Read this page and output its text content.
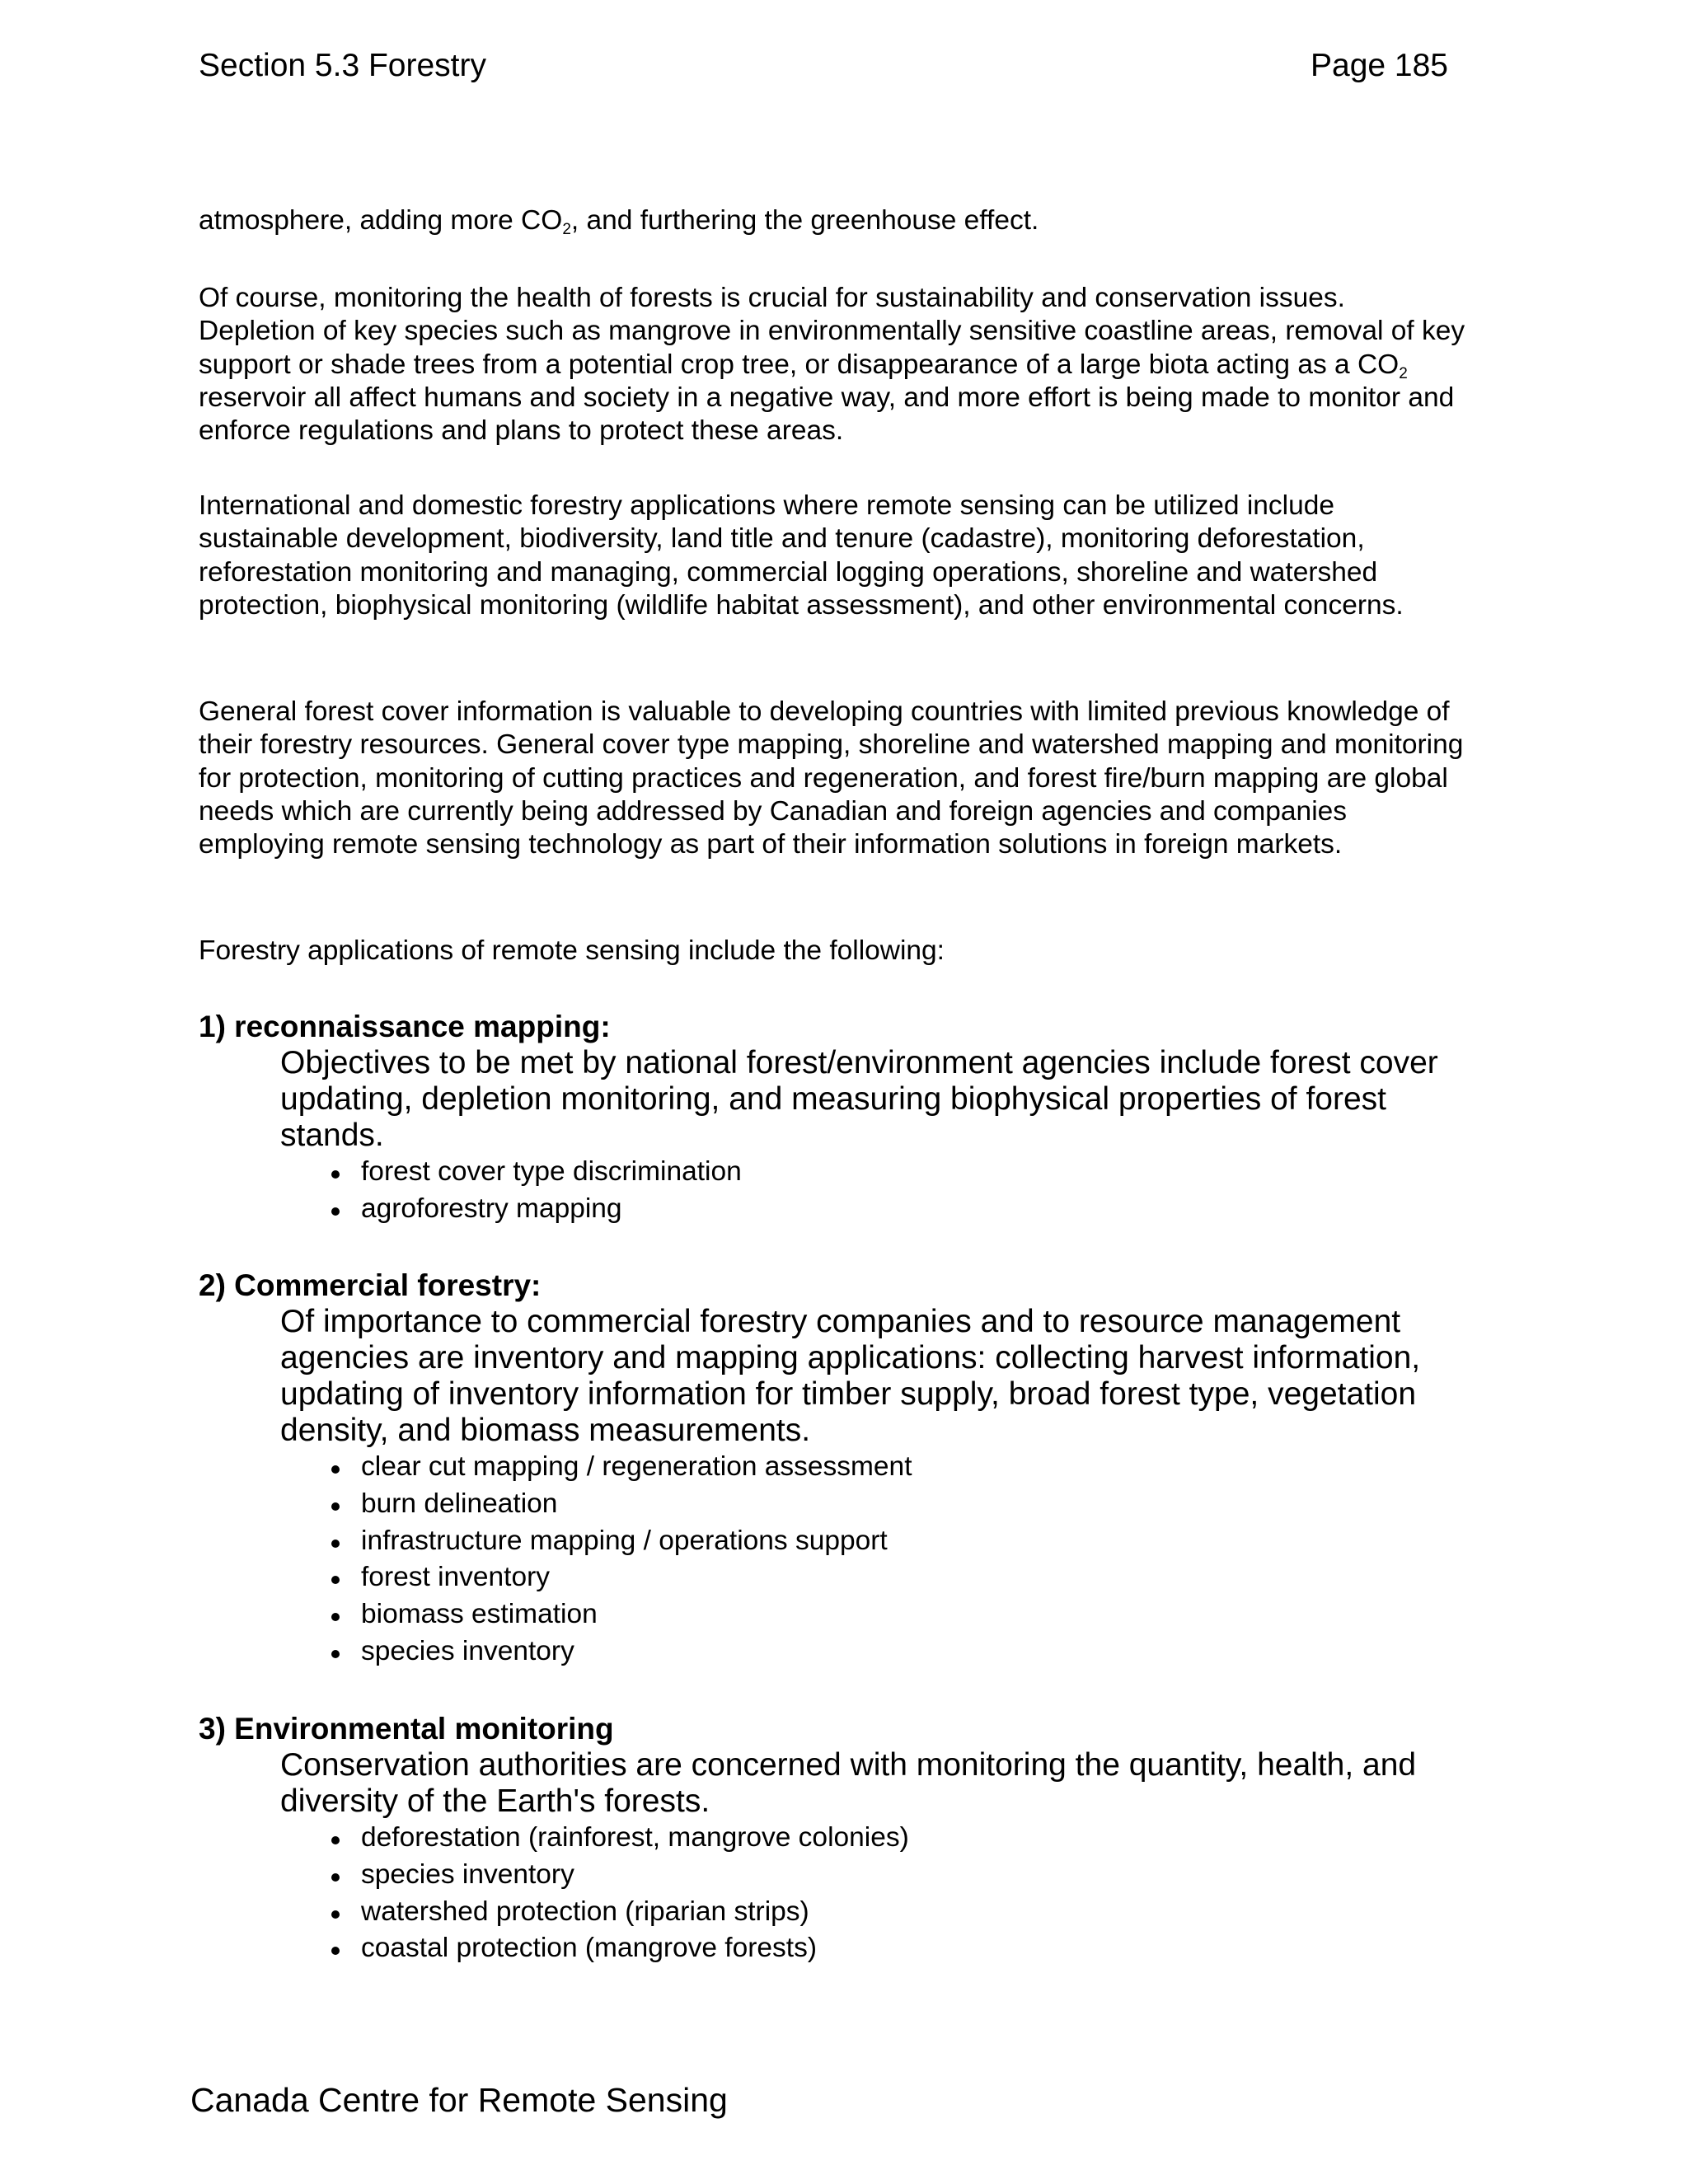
Section 5.3 Forestry	Page 185

atmosphere, adding more $CO_2$, and furthering the greenhouse effect.

Of course, monitoring the health of forests is crucial for sustainability and conservation issues. Depletion of key species such as mangrove in environmentally sensitive coastline areas, removal of key support or shade trees from a potential crop tree, or disappearance of a large biota acting as a $CO_2$ reservoir all affect humans and society in a negative way, and more effort is being made to monitor and enforce regulations and plans to protect these areas.

International and domestic forestry applications where remote sensing can be utilized include sustainable development, biodiversity, land title and tenure (cadastre), monitoring deforestation, reforestation monitoring and managing, commercial logging operations, shoreline and watershed protection, biophysical monitoring (wildlife habitat assessment), and other environmental concerns.

General forest cover information is valuable to developing countries with limited previous knowledge of their forestry resources. General cover type mapping, shoreline and watershed mapping and monitoring for protection, monitoring of cutting practices and regeneration, and forest fire/burn mapping are global needs which are currently being addressed by Canadian and foreign agencies and companies employing remote sensing technology as part of their information solutions in foreign markets.

Forestry applications of remote sensing include the following:

1) reconnaissance mapping:

Objectives to be met by national forest/environment agencies include forest cover updating, depletion monitoring, and measuring biophysical properties of forest stands.

forest cover type discrimination
agroforestry mapping
2) Commercial forestry:

Of importance to commercial forestry companies and to resource management agencies are inventory and mapping applications: collecting harvest information, updating of inventory information for timber supply, broad forest type, vegetation density, and biomass measurements.

clear cut mapping / regeneration assessment
burn delineation
infrastructure mapping / operations support
forest inventory
biomass estimation
species inventory
3) Environmental monitoring

Conservation authorities are concerned with monitoring the quantity, health, and diversity of the Earth's forests.

deforestation (rainforest, mangrove colonies)
species inventory
watershed protection (riparian strips)
coastal protection (mangrove forests)
Canada Centre for Remote Sensing
